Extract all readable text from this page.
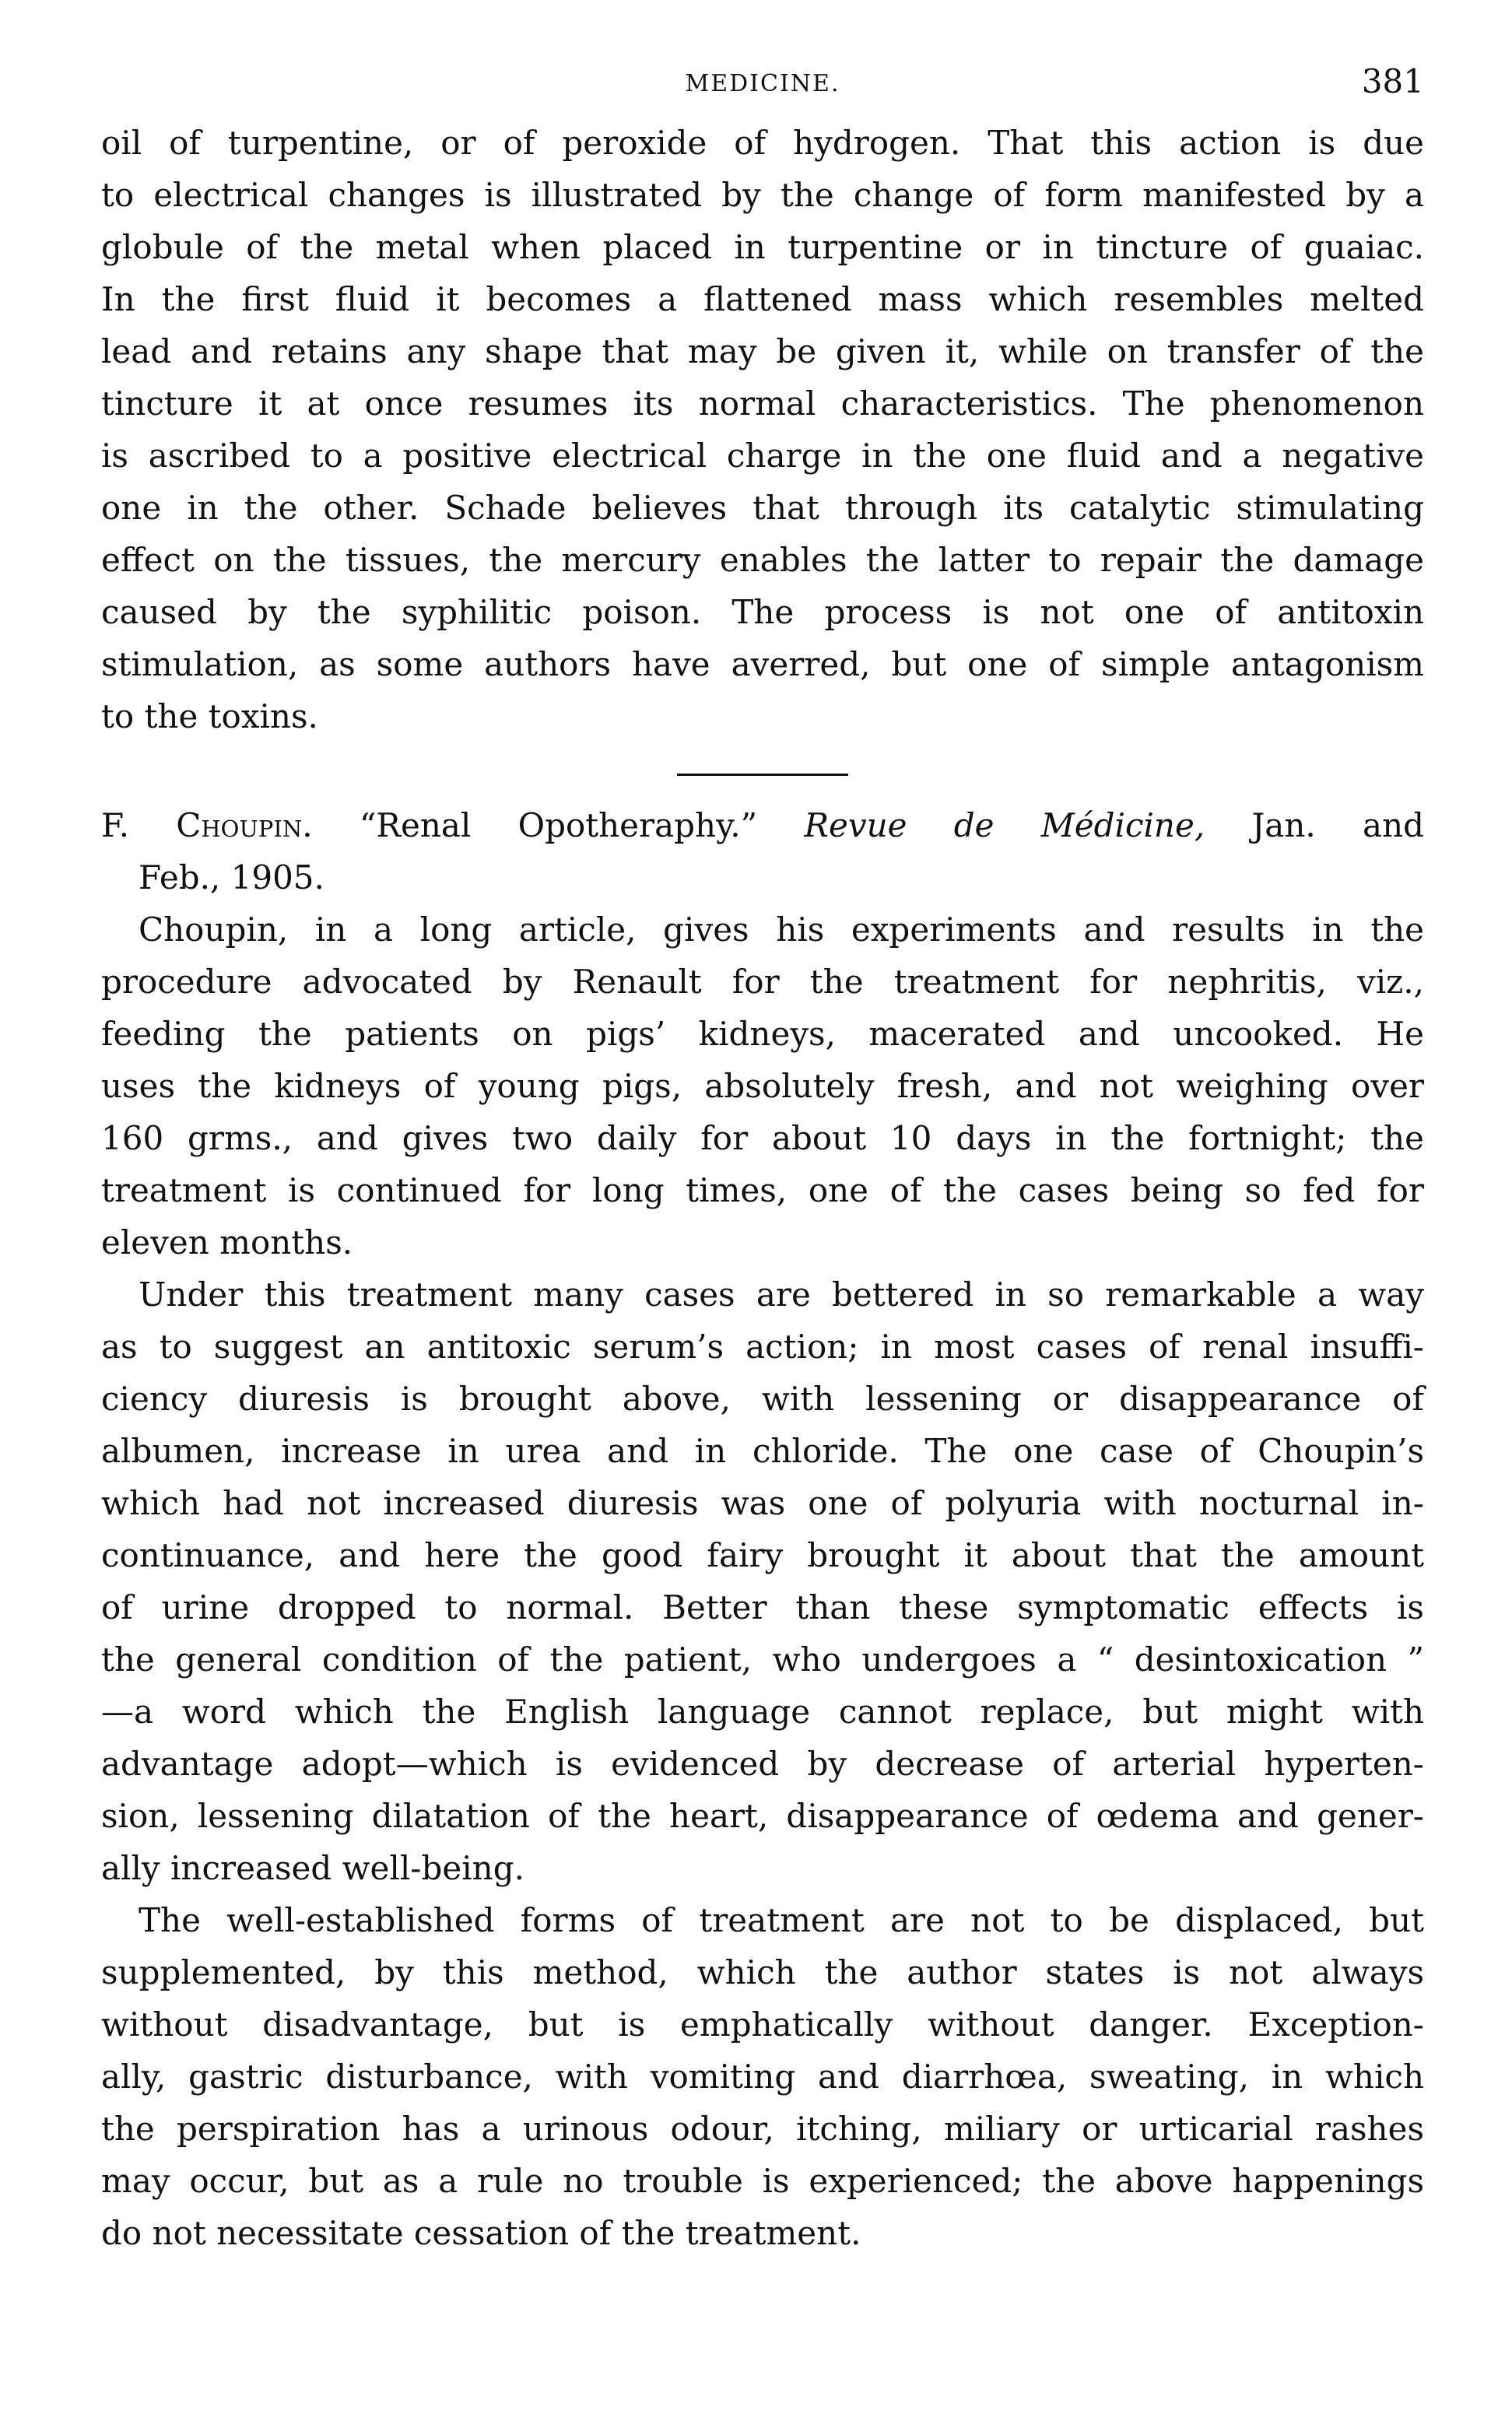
MEDICINE.	381
oil of turpentine, or of peroxide of hydrogen. That this action is due
to electrical changes is illustrated by the change of form manifested by a
globule of the metal when placed in turpentine or in tincture of guaiac.
In the first fluid it becomes a flattened mass which resembles melted
lead and retains any shape that may be given it, while on transfer of the
tincture it at once resumes its normal characteristics. The phenomenon
is ascribed to a positive electrical charge in the one fluid and a negative
one in the other. Schade believes that through its catalytic stimulating
effect on the tissues, the mercury enables the latter to repair the damage
caused by the syphilitic poison. The process is not one of antitoxin
stimulation, as some authors have averred, but one of simple antagonism
to the toxins.
F. Choupin. “Renal Opotheraphy.” Revue de Médicine, Jan. and
Feb., 1905.
Choupin, in a long article, gives his experiments and results in the
procedure advocated by Renault for the treatment for nephritis, viz.,
feeding the patients on pigs’ kidneys, macerated and uncooked. He
uses the kidneys of young pigs, absolutely fresh, and not weighing over
160 grms., and gives two daily for about 10 days in the fortnight; the
treatment is continued for long times, one of the cases being so fed for
eleven months.
Under this treatment many cases are bettered in so remarkable a way
as to suggest an antitoxic serum’s action; in most cases of renal insuffi-
ciency diuresis is brought above, with lessening or disappearance of
albumen, increase in urea and in chloride. The one case of Choupin’s
which had not increased diuresis was one of polyuria with nocturnal in-
continuance, and here the good fairy brought it about that the amount
of urine dropped to normal. Better than these symptomatic effects is
the general condition of the patient, who undergoes a “ desintoxication ”
—a word which the English language cannot replace, but might with
advantage adopt—which is evidenced by decrease of arterial hyperten-
sion, lessening dilatation of the heart, disappearance of œdema and gener-
ally increased well-being.
The well-established forms of treatment are not to be displaced, but
supplemented, by this method, which the author states is not always
without disadvantage, but is emphatically without danger. Exception-
ally, gastric disturbance, with vomiting and diarrhœa, sweating, in which
the perspiration has a urinous odour, itching, miliary or urticarial rashes
may occur, but as a rule no trouble is experienced; the above happenings
do not necessitate cessation of the treatment.
